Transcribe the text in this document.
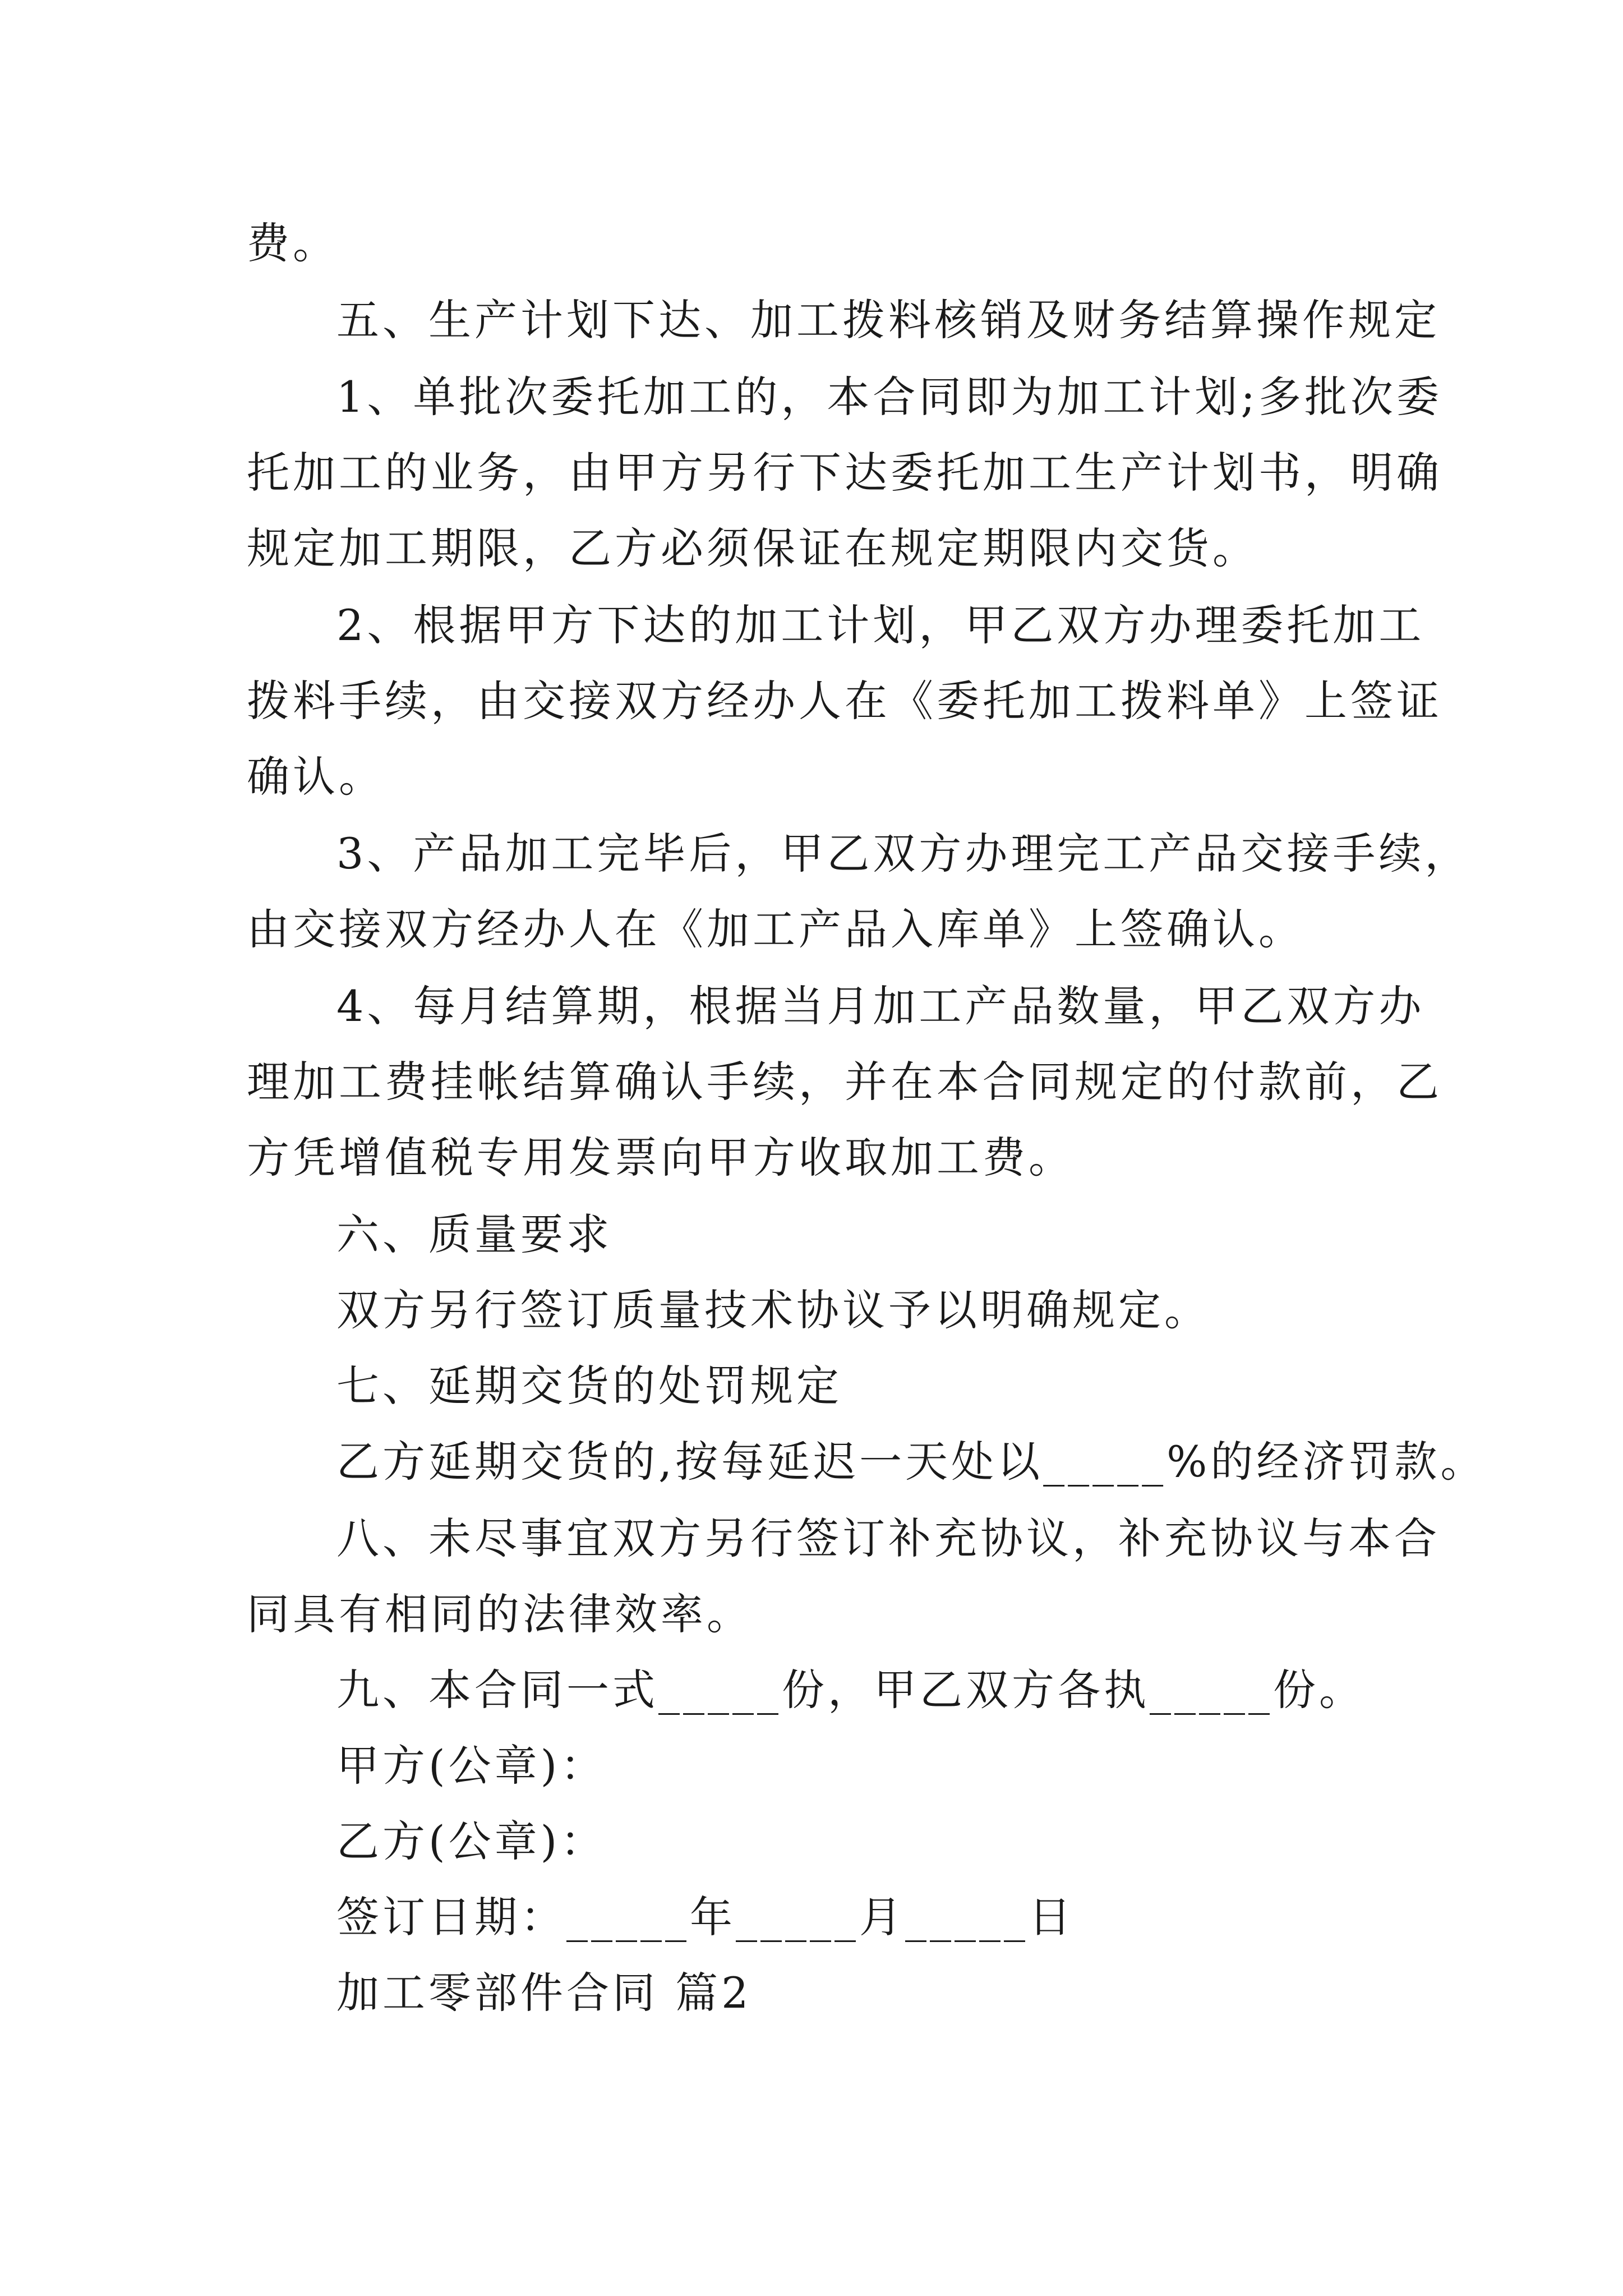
费。
五、生产计划下达、加工拨料核销及财务结算操作规定
1、单批次委托加工的，本合同即为加工计划;多批次委
托加工的业务，由甲方另行下达委托加工生产计划书，明确
规定加工期限，乙方必须保证在规定期限内交货。
2、根据甲方下达的加工计划，甲乙双方办理委托加工
拨料手续，由交接双方经办人在《委托加工拨料单》上签证
确认。
3、产品加工完毕后，甲乙双方办理完工产品交接手续，
由交接双方经办人在《加工产品入库单》上签确认。
4、每月结算期，根据当月加工产品数量，甲乙双方办
理加工费挂帐结算确认手续，并在本合同规定的付款前，乙
方凭增值税专用发票向甲方收取加工费。
六、质量要求
双方另行签订质量技术协议予以明确规定。
七、延期交货的处罚规定
乙方延期交货的,按每延迟一天处以_____%的经济罚款。
八、未尽事宜双方另行签订补充协议，补充协议与本合
同具有相同的法律效率。
九、本合同一式_____份，甲乙双方各执_____份。
甲方(公章)：
乙方(公章)：
签订日期：_____年_____月_____日
加工零部件合同 篇2
